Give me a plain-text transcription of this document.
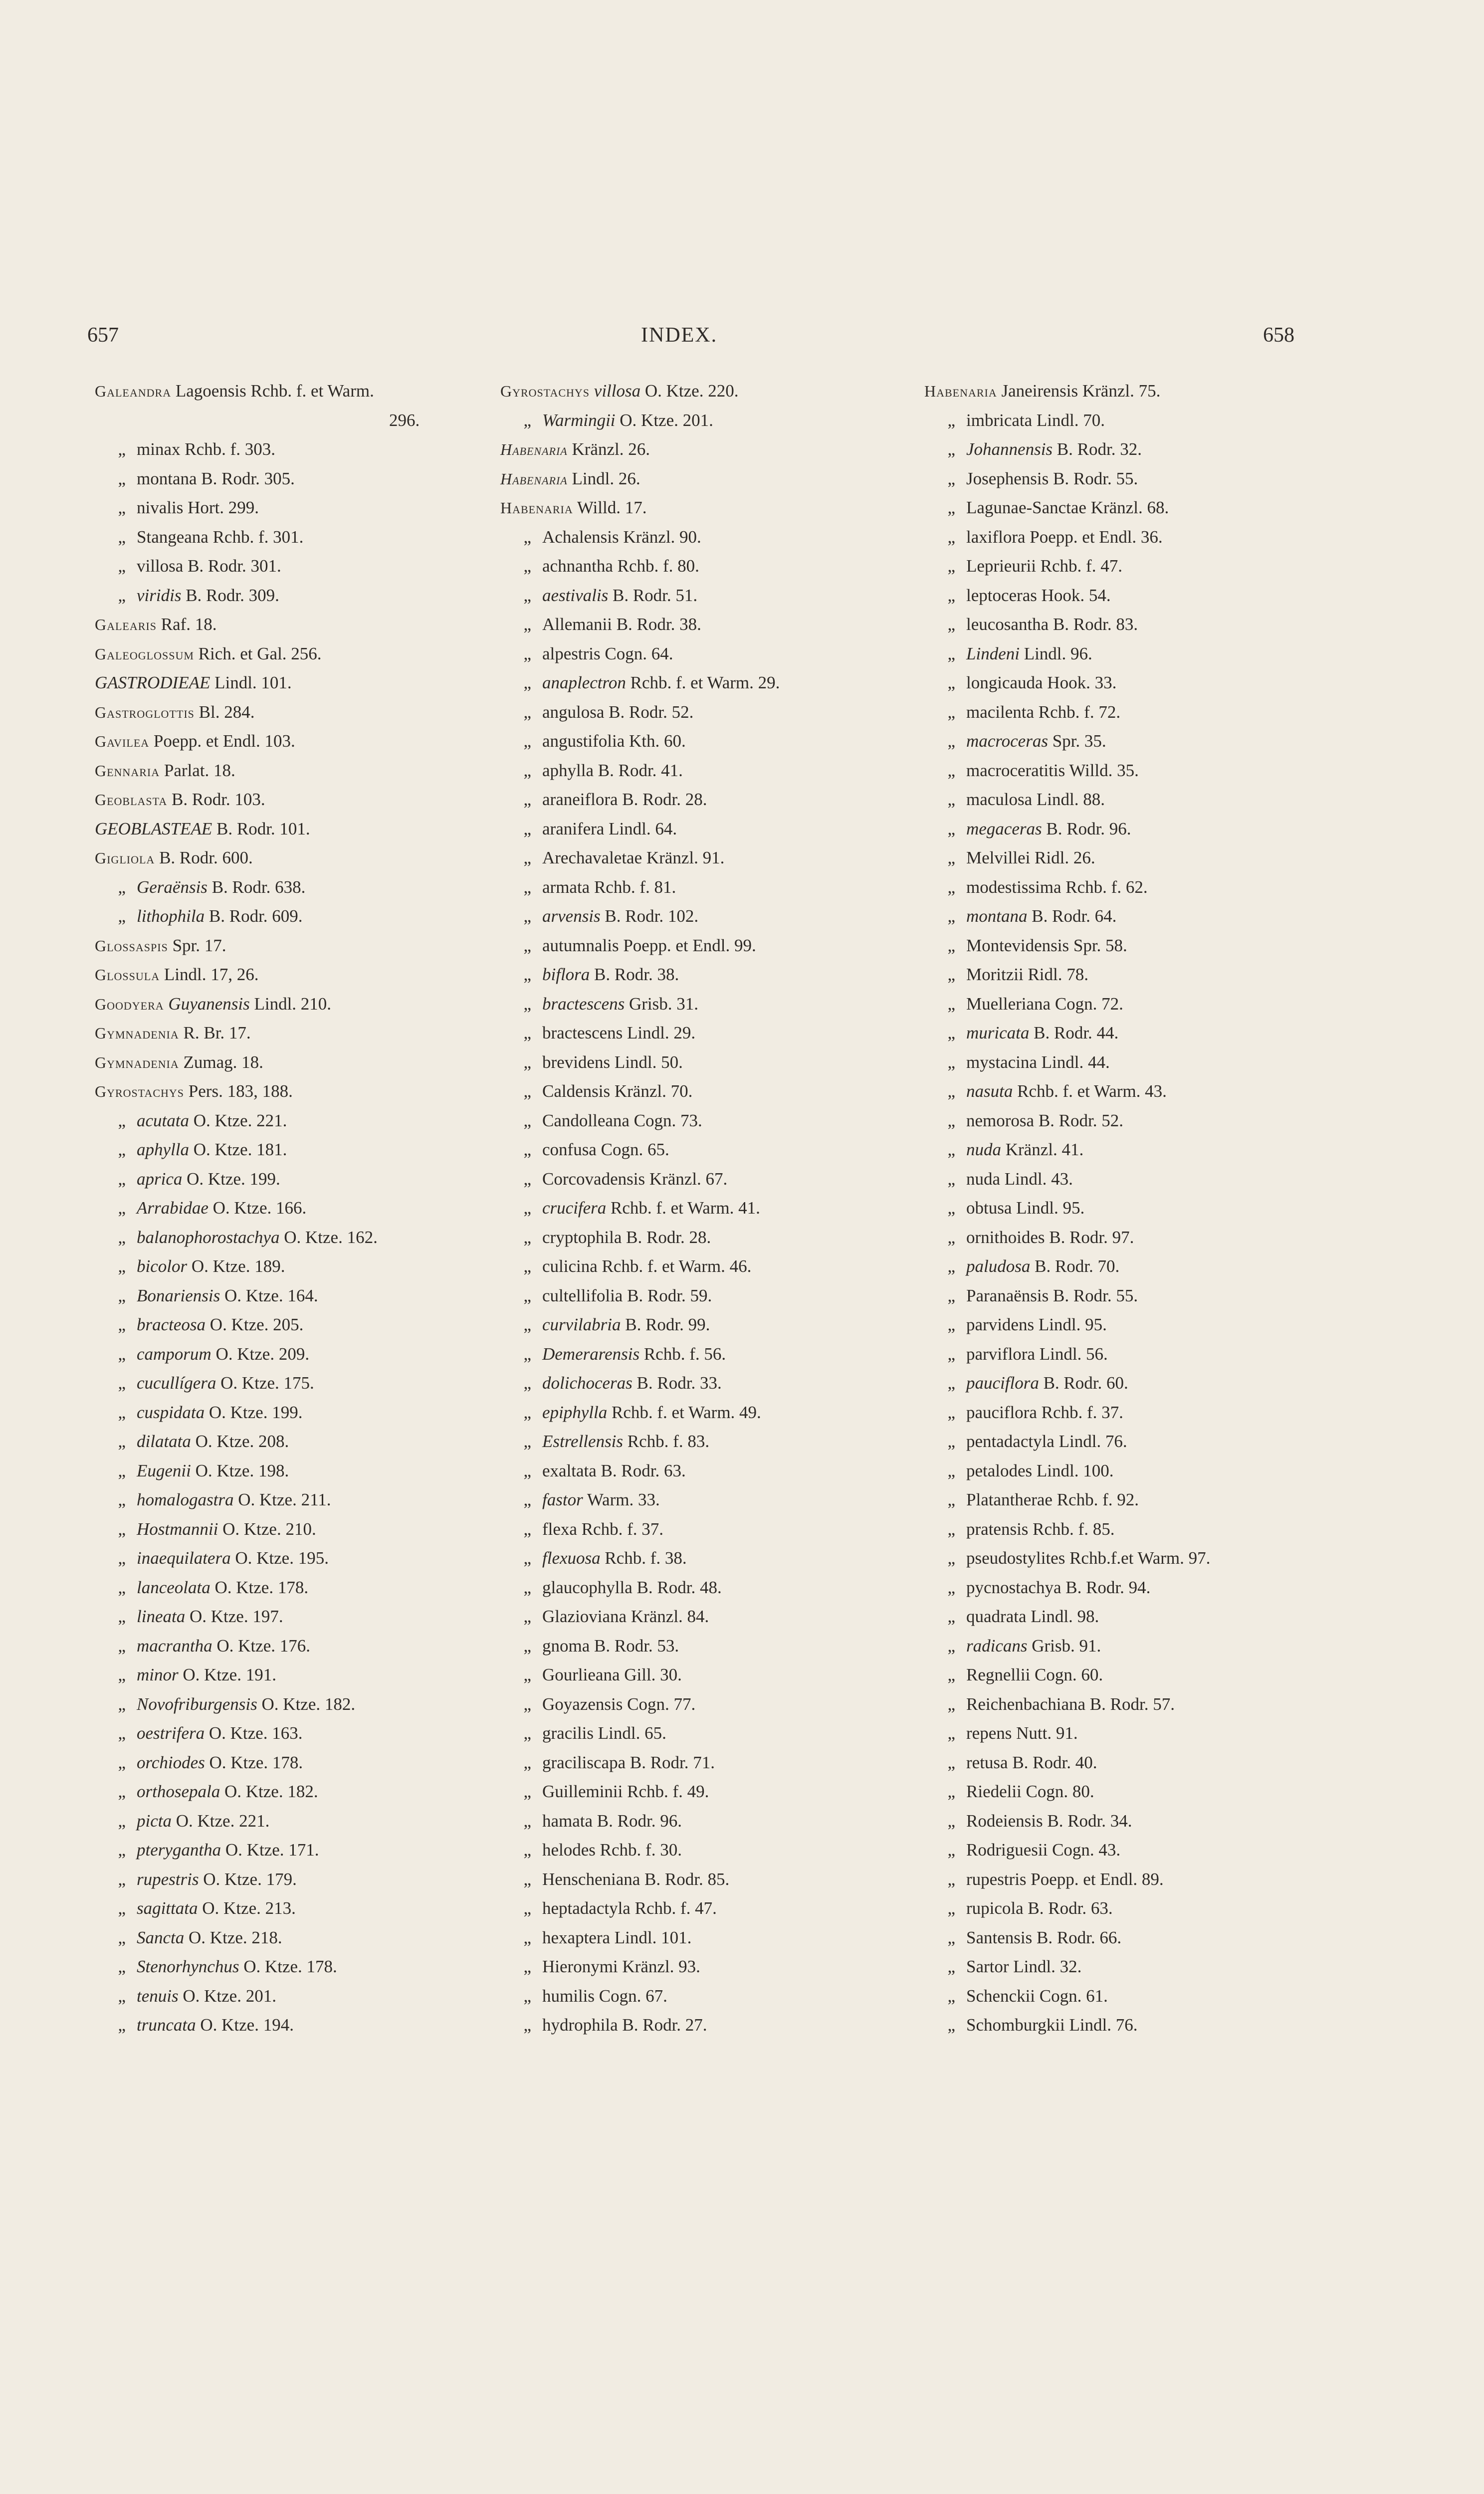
657	INDEX.	658
Galeandra Lagoensis Rchb. f. et Warm.
296.
„ minax Rchb. f. 303.
„ montana B. Rodr. 305.
„ nivalis Hort. 299.
„ Stangeana Rchb. f. 301.
„ villosa B. Rodr. 301.
„ viridis B. Rodr. 309.
Galearis Raf. 18.
Galeoglossum Rich. et Gal. 256.
GASTRODIEAE Lindl. 101.
Gastroglottis Bl. 284.
Gavilea Poepp. et Endl. 103.
Gennaria Parlat. 18.
Geoblasta B. Rodr. 103.
GEOBLASTEAE B. Rodr. 101.
Gigliola B. Rodr. 600.
„ Geraënsis B. Rodr. 638.
„ lithophila B. Rodr. 609.
Glossaspis Spr. 17.
Glossula Lindl. 17, 26.
Goodyera Guyanensis Lindl. 210.
Gymnadenia R. Br. 17.
Gymnadenia Zumag. 18.
Gyrostachys Pers. 183, 188.
„ acutata O. Ktze. 221.
„ aphylla O. Ktze. 181.
„ aprica O. Ktze. 199.
„ Arrabidae O. Ktze. 166.
„ balanophorostachya O. Ktze. 162.
„ bicolor O. Ktze. 189.
„ Bonariensis O. Ktze. 164.
„ bracteosa O. Ktze. 205.
„ camporum O. Ktze. 209.
„ cucullígera O. Ktze. 175.
„ cuspidata O. Ktze. 199.
„ dilatata O. Ktze. 208.
„ Eugenii O. Ktze. 198.
„ homalogastra O. Ktze. 211.
„ Hostmannii O. Ktze. 210.
„ inaequilatera O. Ktze. 195.
„ lanceolata O. Ktze. 178.
„ lineata O. Ktze. 197.
„ macrantha O. Ktze. 176.
„ minor O. Ktze. 191.
„ Novofriburgensis O. Ktze. 182.
„ oestrifera O. Ktze. 163.
„ orchiodes O. Ktze. 178.
„ orthosepala O. Ktze. 182.
„ picta O. Ktze. 221.
„ pterygantha O. Ktze. 171.
„ rupestris O. Ktze. 179.
„ sagittata O. Ktze. 213.
„ Sancta O. Ktze. 218.
„ Stenorhynchus O. Ktze. 178.
„ tenuis O. Ktze. 201.
„ truncata O. Ktze. 194.
Gyrostachys villosa O. Ktze. 220.
„ Warmingii O. Ktze. 201.
Habenaria Kränzl. 26.
Habenaria Lindl. 26.
Habenaria Willd. 17.
„ Achalensis Kränzl. 90.
„ achnantha Rchb. f. 80.
„ aestivalis B. Rodr. 51.
„ Allemanii B. Rodr. 38.
„ alpestris Cogn. 64.
„ anaplectron Rchb. f. et Warm. 29.
„ angulosa B. Rodr. 52.
„ angustifolia Kth. 60.
„ aphylla B. Rodr. 41.
„ araneiflora B. Rodr. 28.
„ aranifera Lindl. 64.
„ Arechavaletae Kränzl. 91.
„ armata Rchb. f. 81.
„ arvensis B. Rodr. 102.
„ autumnalis Poepp. et Endl. 99.
„ biflora B. Rodr. 38.
„ bractescens Grisb. 31.
„ bractescens Lindl. 29.
„ brevidens Lindl. 50.
„ Caldensis Kränzl. 70.
„ Candolleana Cogn. 73.
„ confusa Cogn. 65.
„ Corcovadensis Kränzl. 67.
„ crucifera Rchb. f. et Warm. 41.
„ cryptophila B. Rodr. 28.
„ culicina Rchb. f. et Warm. 46.
„ cultellifolia B. Rodr. 59.
„ curvilabria B. Rodr. 99.
„ Demerarensis Rchb. f. 56.
„ dolichoceras B. Rodr. 33.
„ epiphylla Rchb. f. et Warm. 49.
„ Estrellensis Rchb. f. 83.
„ exaltata B. Rodr. 63.
„ fastor Warm. 33.
„ flexa Rchb. f. 37.
„ flexuosa Rchb. f. 38.
„ glaucophylla B. Rodr. 48.
„ Glazioviana Kränzl. 84.
„ gnoma B. Rodr. 53.
„ Gourlieana Gill. 30.
„ Goyazensis Cogn. 77.
„ gracilis Lindl. 65.
„ graciliscapa B. Rodr. 71.
„ Guilleminii Rchb. f. 49.
„ hamata B. Rodr. 96.
„ helodes Rchb. f. 30.
„ Henscheniana B. Rodr. 85.
„ heptadactyla Rchb. f. 47.
„ hexaptera Lindl. 101.
„ Hieronymi Kränzl. 93.
„ humilis Cogn. 67.
„ hydrophila B. Rodr. 27.
Habenaria Janeirensis Kränzl. 75.
„ imbricata Lindl. 70.
„ Johannensis B. Rodr. 32.
„ Josephensis B. Rodr. 55.
„ Lagunae-Sanctae Kränzl. 68.
„ laxiflora Poepp. et Endl. 36.
„ Leprieurii Rchb. f. 47.
„ leptoceras Hook. 54.
„ leucosantha B. Rodr. 83.
„ Lindeni Lindl. 96.
„ longicauda Hook. 33.
„ macilenta Rchb. f. 72.
„ macroceras Spr. 35.
„ macroceratitis Willd. 35.
„ maculosa Lindl. 88.
„ megaceras B. Rodr. 96.
„ Melvillei Ridl. 26.
„ modestissima Rchb. f. 62.
„ montana B. Rodr. 64.
„ Montevidensis Spr. 58.
„ Moritzii Ridl. 78.
„ Muelleriana Cogn. 72.
„ muricata B. Rodr. 44.
„ mystacina Lindl. 44.
„ nasuta Rchb. f. et Warm. 43.
„ nemorosa B. Rodr. 52.
„ nuda Kränzl. 41.
„ nuda Lindl. 43.
„ obtusa Lindl. 95.
„ ornithoides B. Rodr. 97.
„ paludosa B. Rodr. 70.
„ Paranaënsis B. Rodr. 55.
„ parvidens Lindl. 95.
„ parviflora Lindl. 56.
„ pauciflora B. Rodr. 60.
„ pauciflora Rchb. f. 37.
„ pentadactyla Lindl. 76.
„ petalodes Lindl. 100.
„ Platantherae Rchb. f. 92.
„ pratensis Rchb. f. 85.
„ pseudostylites Rchb.f.et Warm. 97.
„ pycnostachya B. Rodr. 94.
„ quadrata Lindl. 98.
„ radicans Grisb. 91.
„ Regnellii Cogn. 60.
„ Reichenbachiana B. Rodr. 57.
„ repens Nutt. 91.
„ retusa B. Rodr. 40.
„ Riedelii Cogn. 80.
„ Rodeiensis B. Rodr. 34.
„ Rodriguesii Cogn. 43.
„ rupestris Poepp. et Endl. 89.
„ rupicola B. Rodr. 63.
„ Santensis B. Rodr. 66.
„ Sartor Lindl. 32.
„ Schenckii Cogn. 61.
„ Schomburgkii Lindl. 76.
